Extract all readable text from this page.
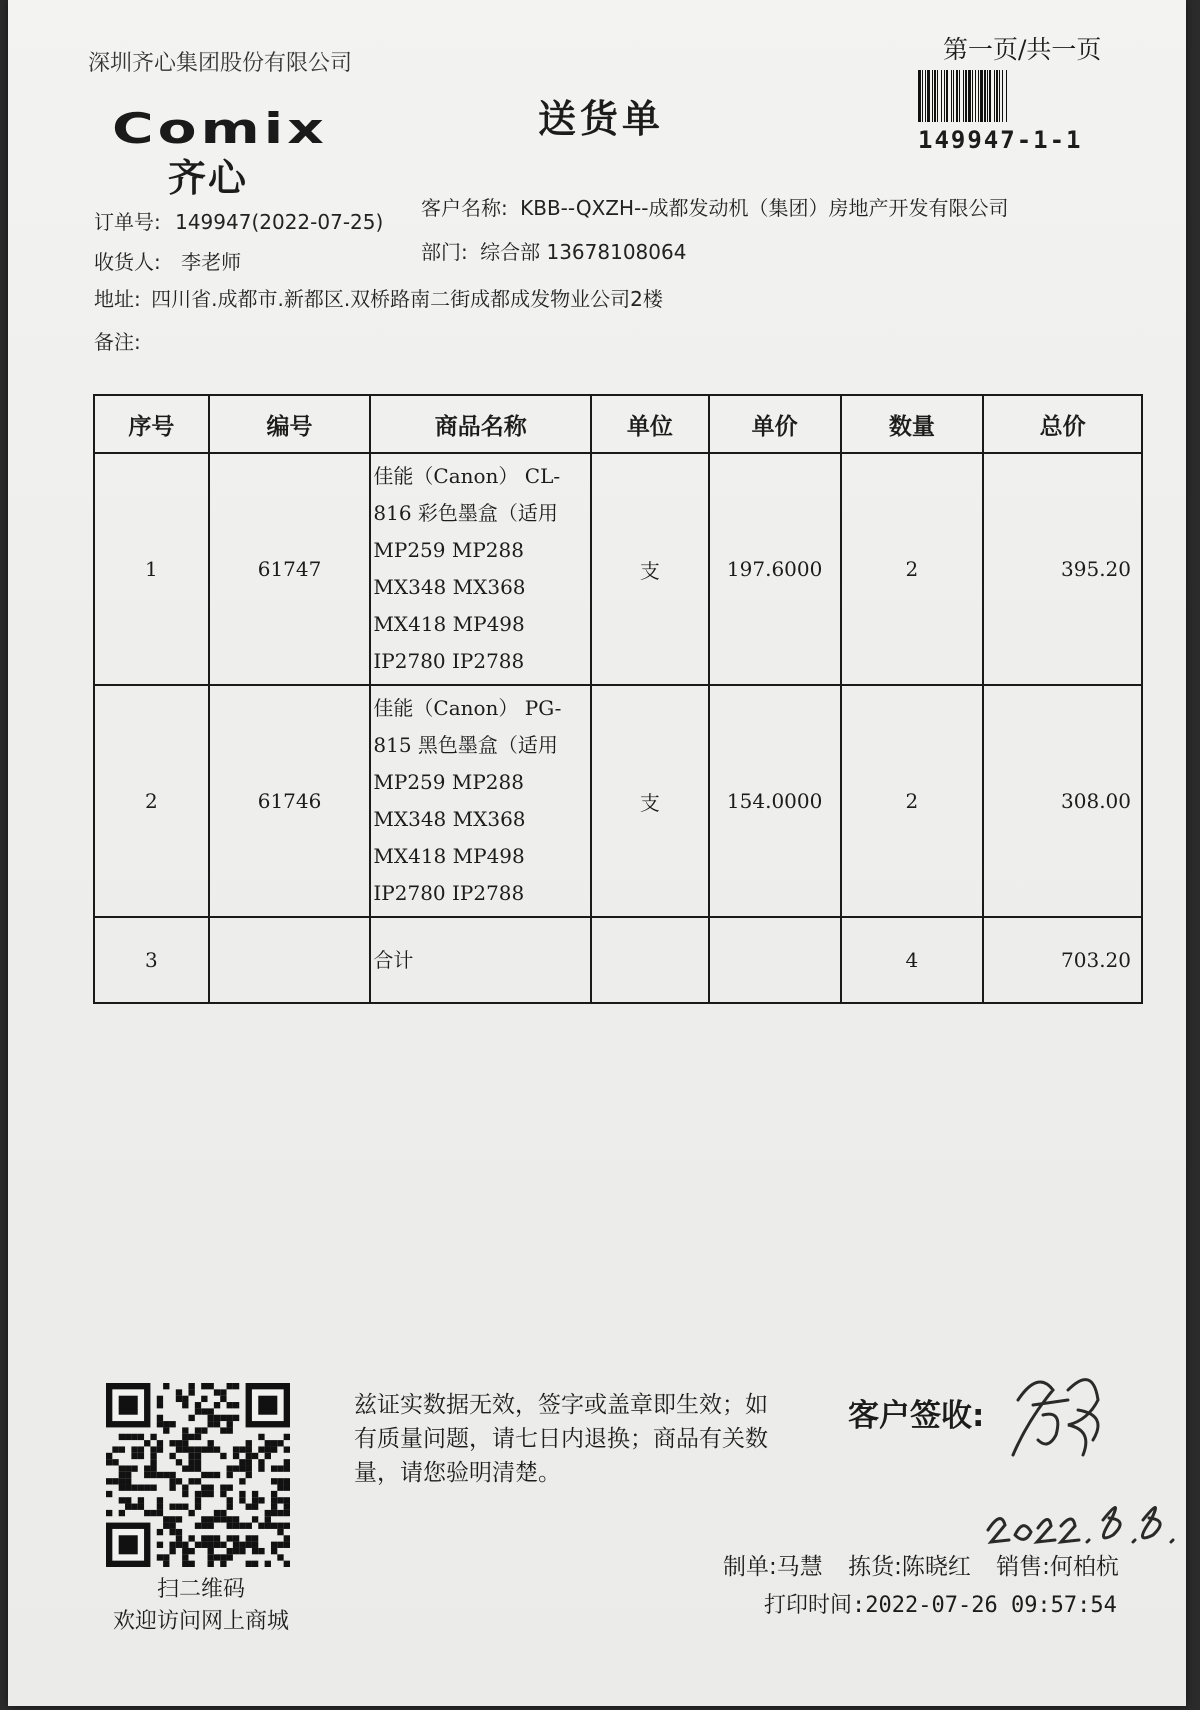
深圳齐心集团股份有限公司
Comix
齐心
送货单
第一页/共一页
149947-1-1
订单号: 149947(2022-07-25)
客户名称: KBB--QXZH--成都发动机（集团）房地产开发有限公司
收货人: 李老师	部门: 综合部 13678108064
地址: 四川省.成都市.新都区.双桥路南二街成都成发物业公司2楼
备注:
序号	编号	商品名称	单位	单价	数量	总价
1	61747	佳能（Canon） CL-816 彩色墨盒（适用 MP259 MP288 MX348 MX368 MX418 MP498 IP2780 IP2788	支	197.6000	2	395.20
2	61746	佳能（Canon） PG-815 黑色墨盒（适用 MP259 MP288 MX348 MX368 MX418 MP498 IP2780 IP2788	支	154.0000	2	308.00
3		合计			4	703.20
扫二维码
欢迎访问网上商城
兹证实数据无效，签字或盖章即生效；如有质量问题，请七日内退换；商品有关数量，请您验明清楚。
客户签收:
制单:马慧 拣货:陈晓红 销售:何柏杭
打印时间:2022-07-26 09:57:54
